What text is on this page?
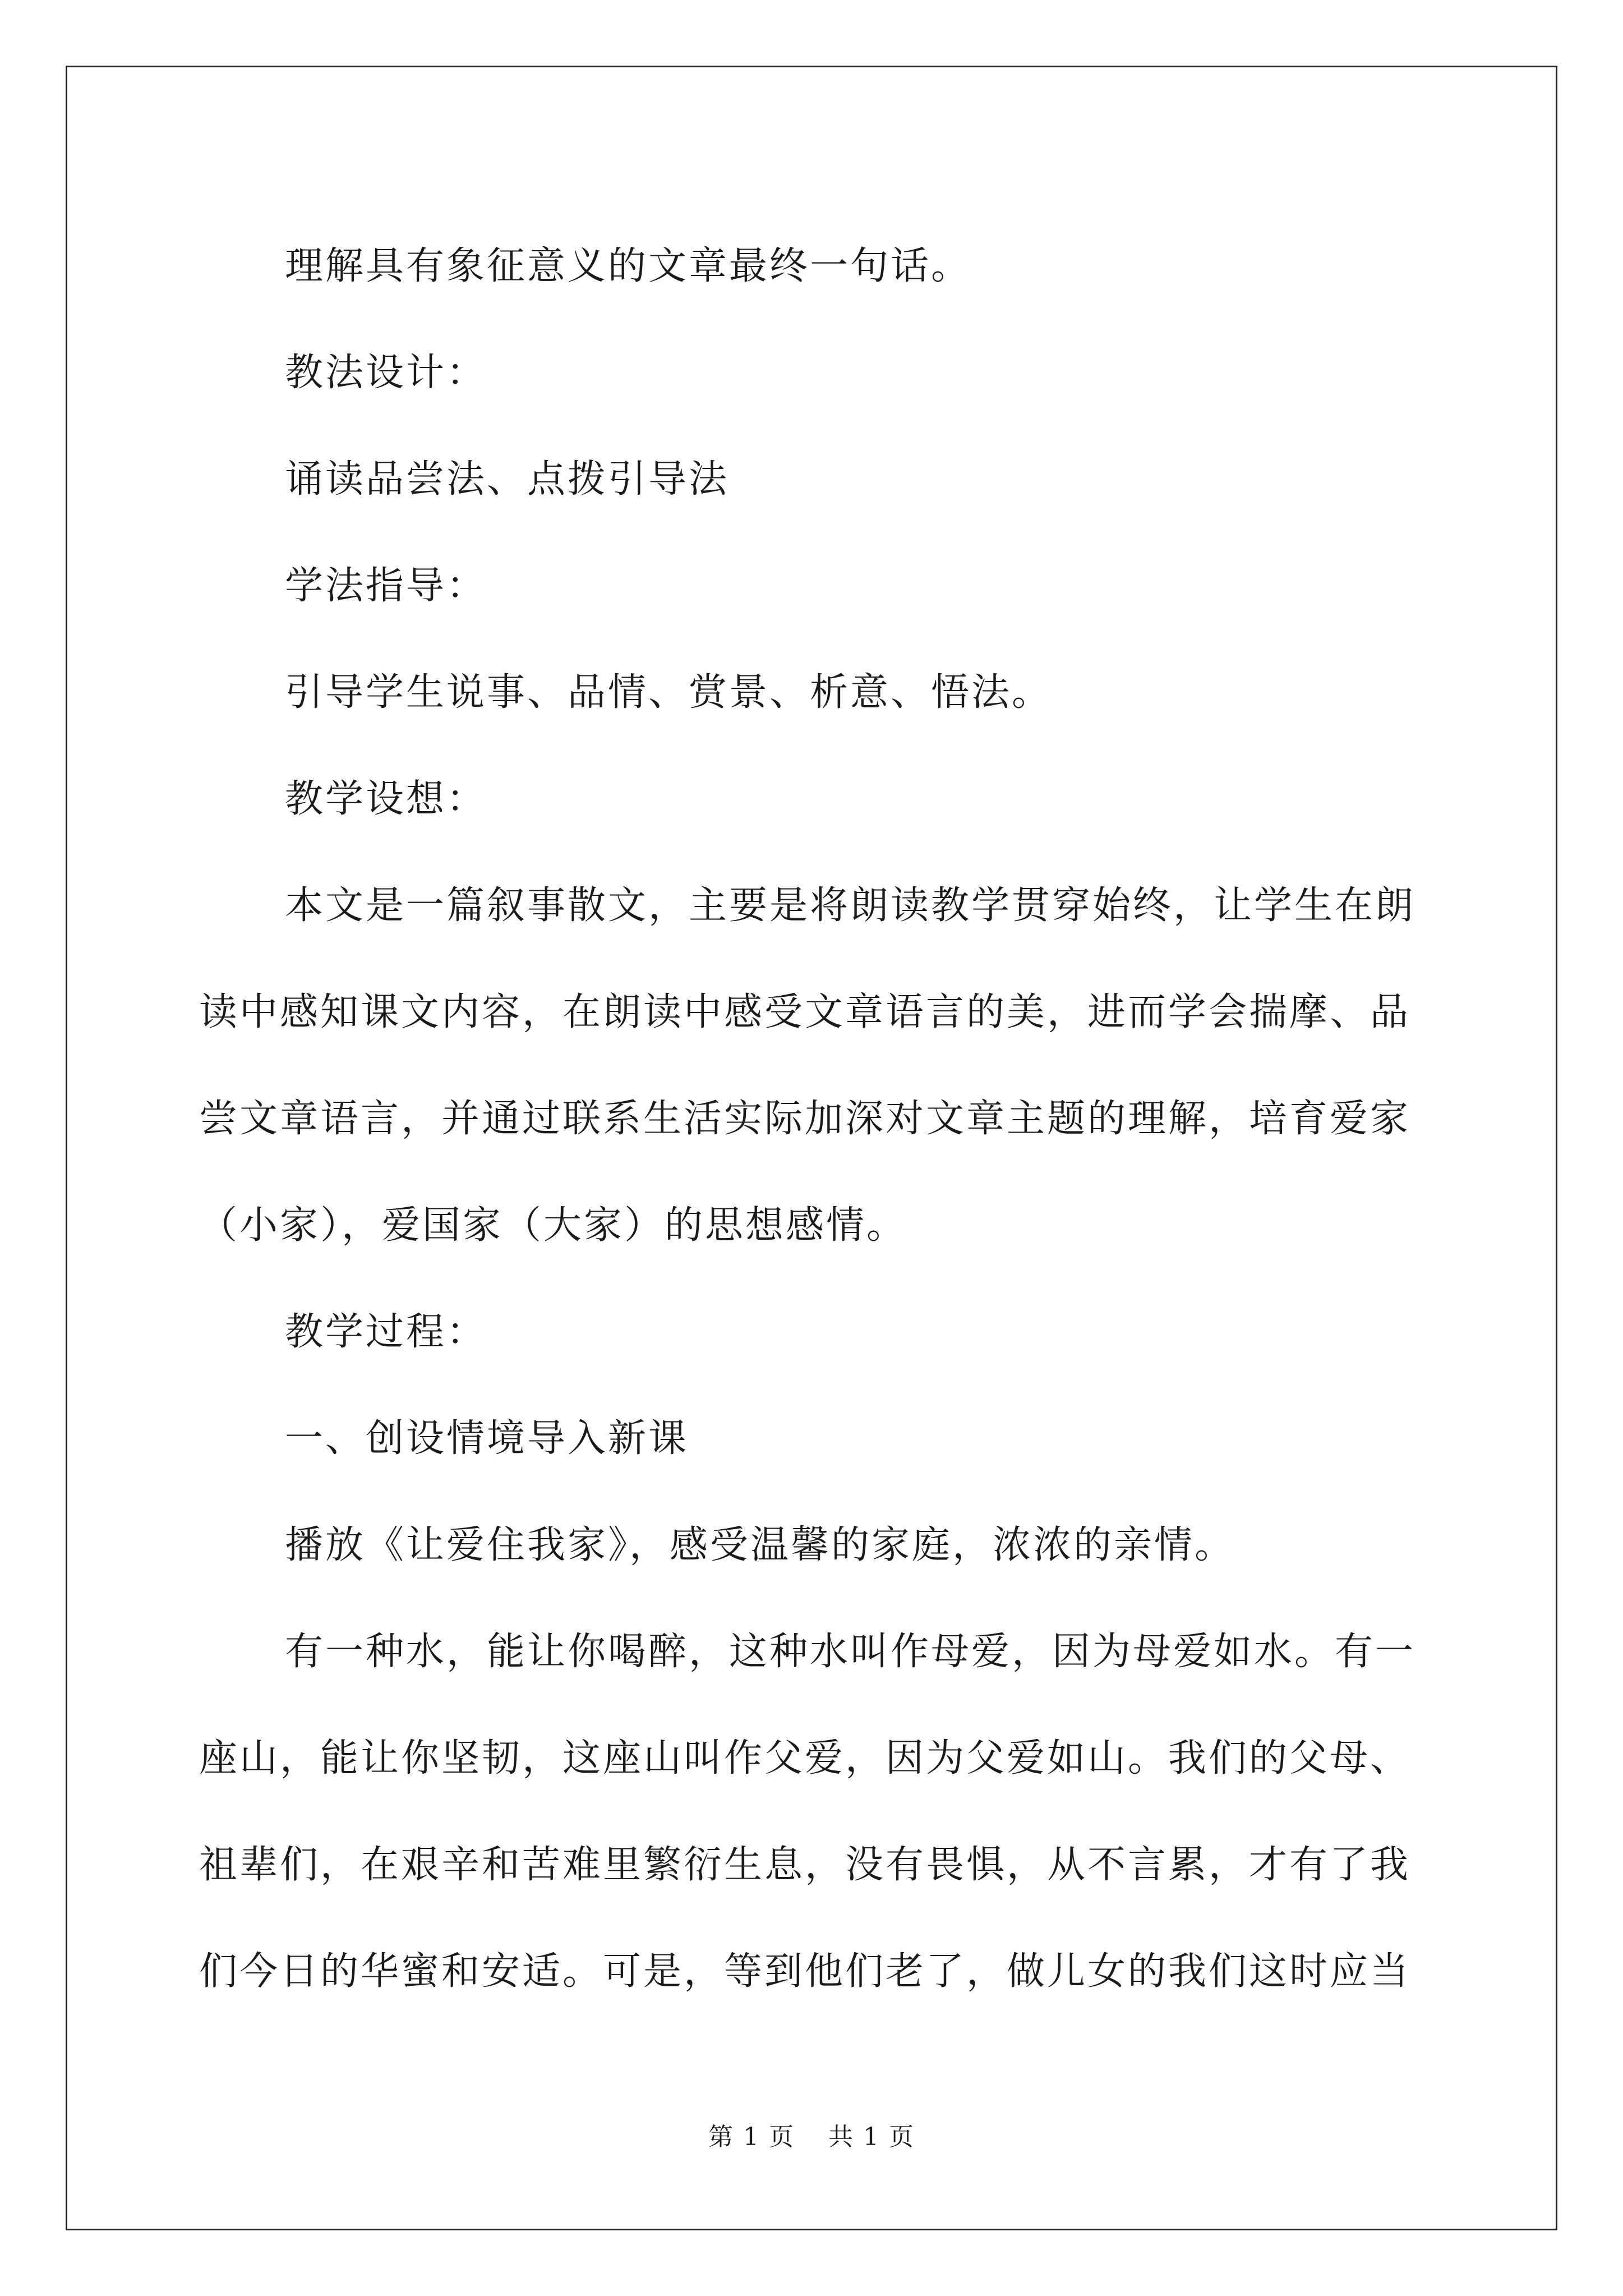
理解具有象征意义的文章最终一句话。

教法设计：

诵读品尝法、点拨引导法

学法指导：

引导学生说事、品情、赏景、析意、悟法。

教学设想：

本文是一篇叙事散文，主要是将朗读教学贯穿始终，让学生在朗

读中感知课文内容，在朗读中感受文章语言的美，进而学会揣摩、品

尝文章语言，并通过联系生活实际加深对文章主题的理解，培育爱家

（小家），爱国家（大家）的思想感情。

教学过程：

一、创设情境导入新课

播放《让爱住我家》，感受温馨的家庭，浓浓的亲情。

有一种水，能让你喝醉，这种水叫作母爱，因为母爱如水。有一

座山，能让你坚韧，这座山叫作父爱，因为父爱如山。我们的父母、

祖辈们，在艰辛和苦难里繁衍生息，没有畏惧，从不言累，才有了我

们今日的华蜜和安适。可是，等到他们老了，做儿女的我们这时应当

第 1 页 共 1 页
